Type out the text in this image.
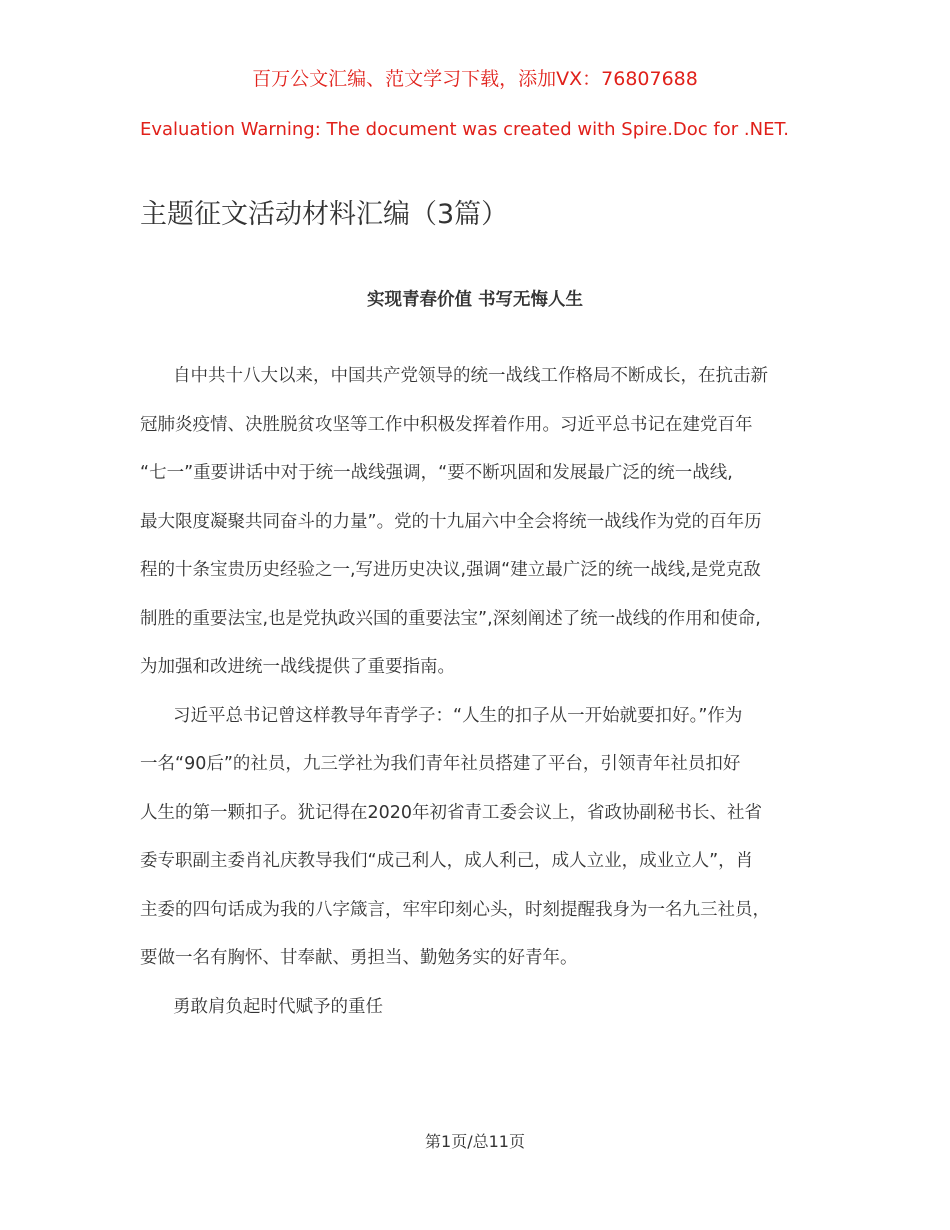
百万公文汇编、范文学习下载，添加VX：76807688
Evaluation Warning: The document was created with Spire.Doc for .NET.
主题征文活动材料汇编（3篇）
实现青春价值 书写无悔人生
自中共十八大以来，中国共产党领导的统一战线工作格局不断成长，在抗击新
冠肺炎疫情、决胜脱贫攻坚等工作中积极发挥着作用。习近平总书记在建党百年
“七一”重要讲话中对于统一战线强调，“要不断巩固和发展最广泛的统一战线,
最大限度凝聚共同奋斗的力量”。党的十九届六中全会将统一战线作为党的百年历
程的十条宝贵历史经验之一,写进历史决议,强调“建立最广泛的统一战线,是党克敌
制胜的重要法宝,也是党执政兴国的重要法宝”,深刻阐述了统一战线的作用和使命,
为加强和改进统一战线提供了重要指南。
习近平总书记曾这样教导年青学子：“人生的扣子从一开始就要扣好。”作为
一名“90后”的社员，九三学社为我们青年社员搭建了平台，引领青年社员扣好
人生的第一颗扣子。犹记得在2020年初省青工委会议上，省政协副秘书长、社省
委专职副主委肖礼庆教导我们“成己利人，成人利己，成人立业，成业立人”，肖
主委的四句话成为我的八字箴言，牢牢印刻心头，时刻提醒我身为一名九三社员，
要做一名有胸怀、甘奉献、勇担当、勤勉务实的好青年。
勇敢肩负起时代赋予的重任
第1页/总11页
